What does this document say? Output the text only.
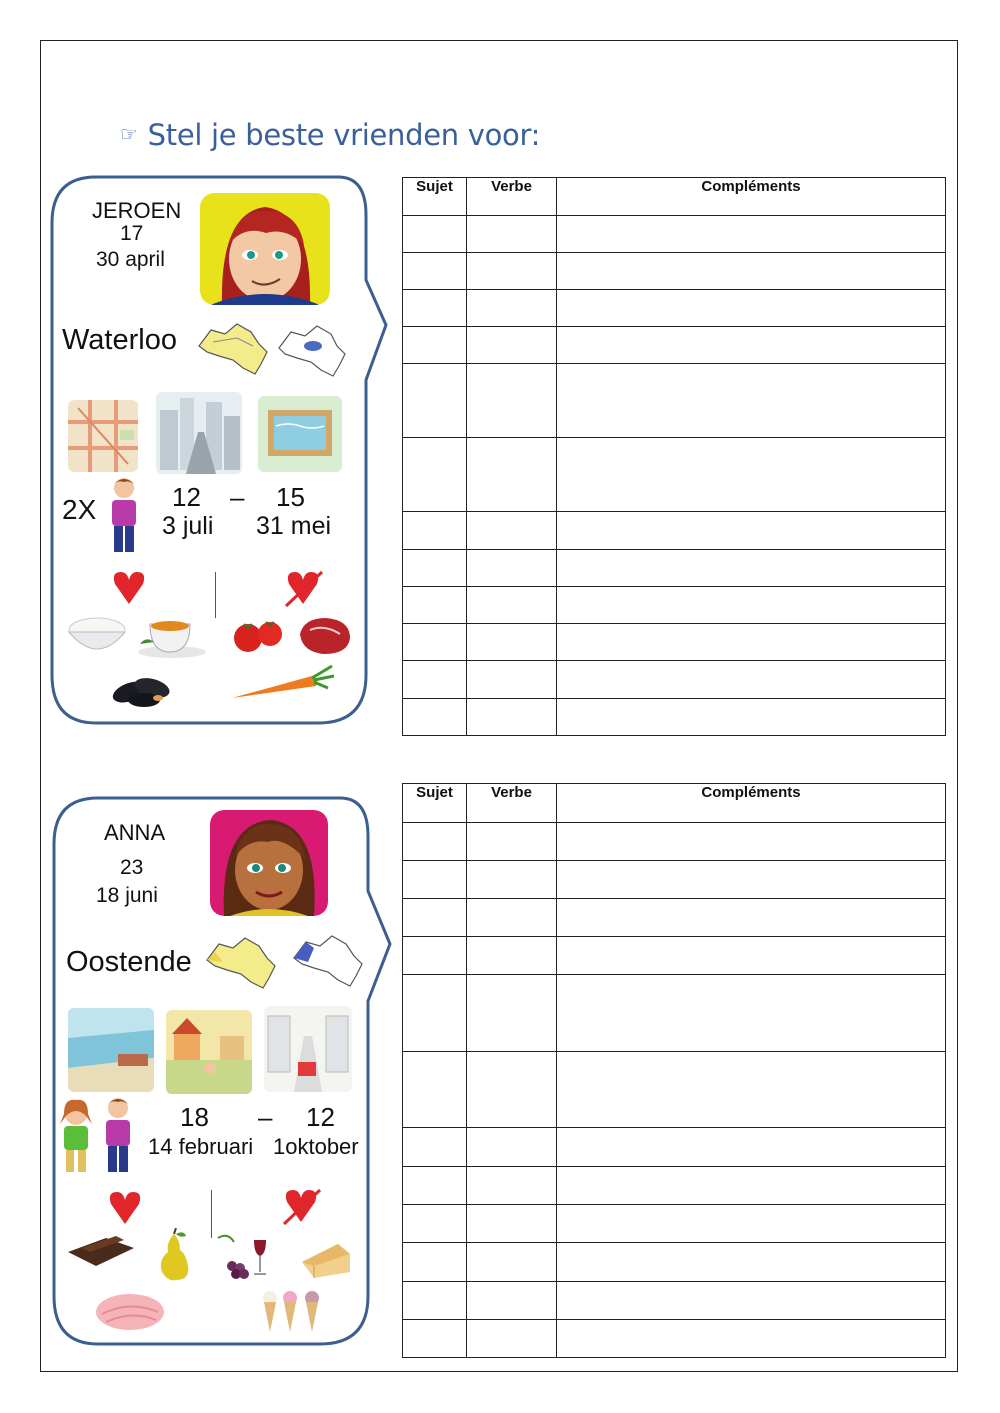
☞ Stel je beste vrienden voor:
JEROEN
17
30 april
Waterloo
2X	12 – 15
3 juli 31 mei
Sujet	Verbe	Compléments

ANNA
23
18 juni
Oostende
18 – 12
14 februari 1oktober
Sujet	Verbe	Compléments
